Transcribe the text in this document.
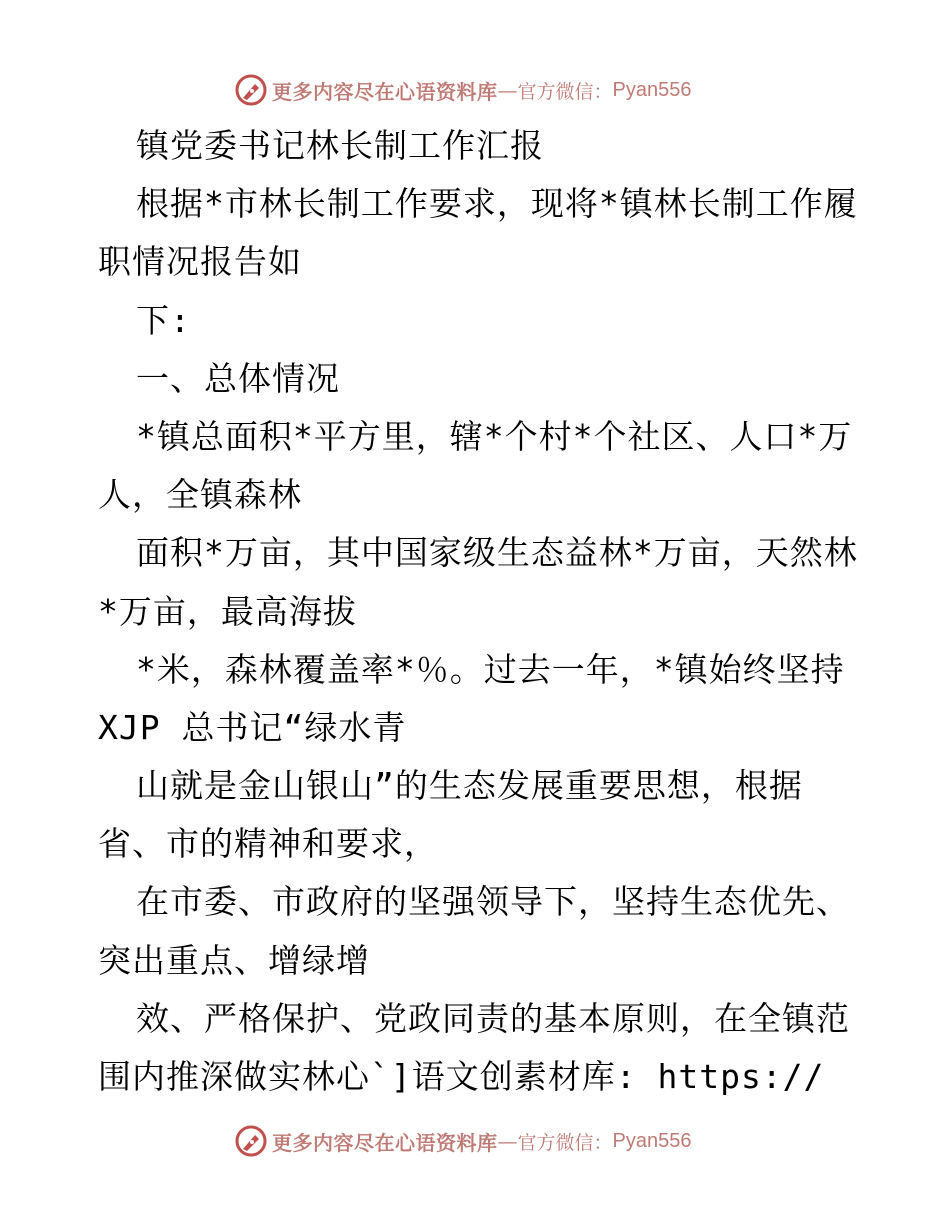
更多内容尽在心语资料库 — 官方微信： Pyan556
镇党委书记林长制工作汇报
根据*市林长制工作要求，现将*镇林长制工作履
职情况报告如
下:
一、总体情况
*镇总面积*平方里，辖*个村*个社区、人口*万
人，全镇森林
面积*万亩，其中国家级生态益林*万亩，天然林
*万亩，最高海拔
*米，森林覆盖率*％。过去一年，*镇始终坚持
XJP 总书记“绿水青
山就是金山银山”的生态发展重要思想，根据
省、市的精神和要求，
在市委、市政府的坚强领导下，坚持生态优先、
突出重点、增绿增
效、严格保护、党政同责的基本原则，在全镇范
围内推深做实林心`]语文创素材库: https://
更多内容尽在心语资料库 — 官方微信： Pyan556
